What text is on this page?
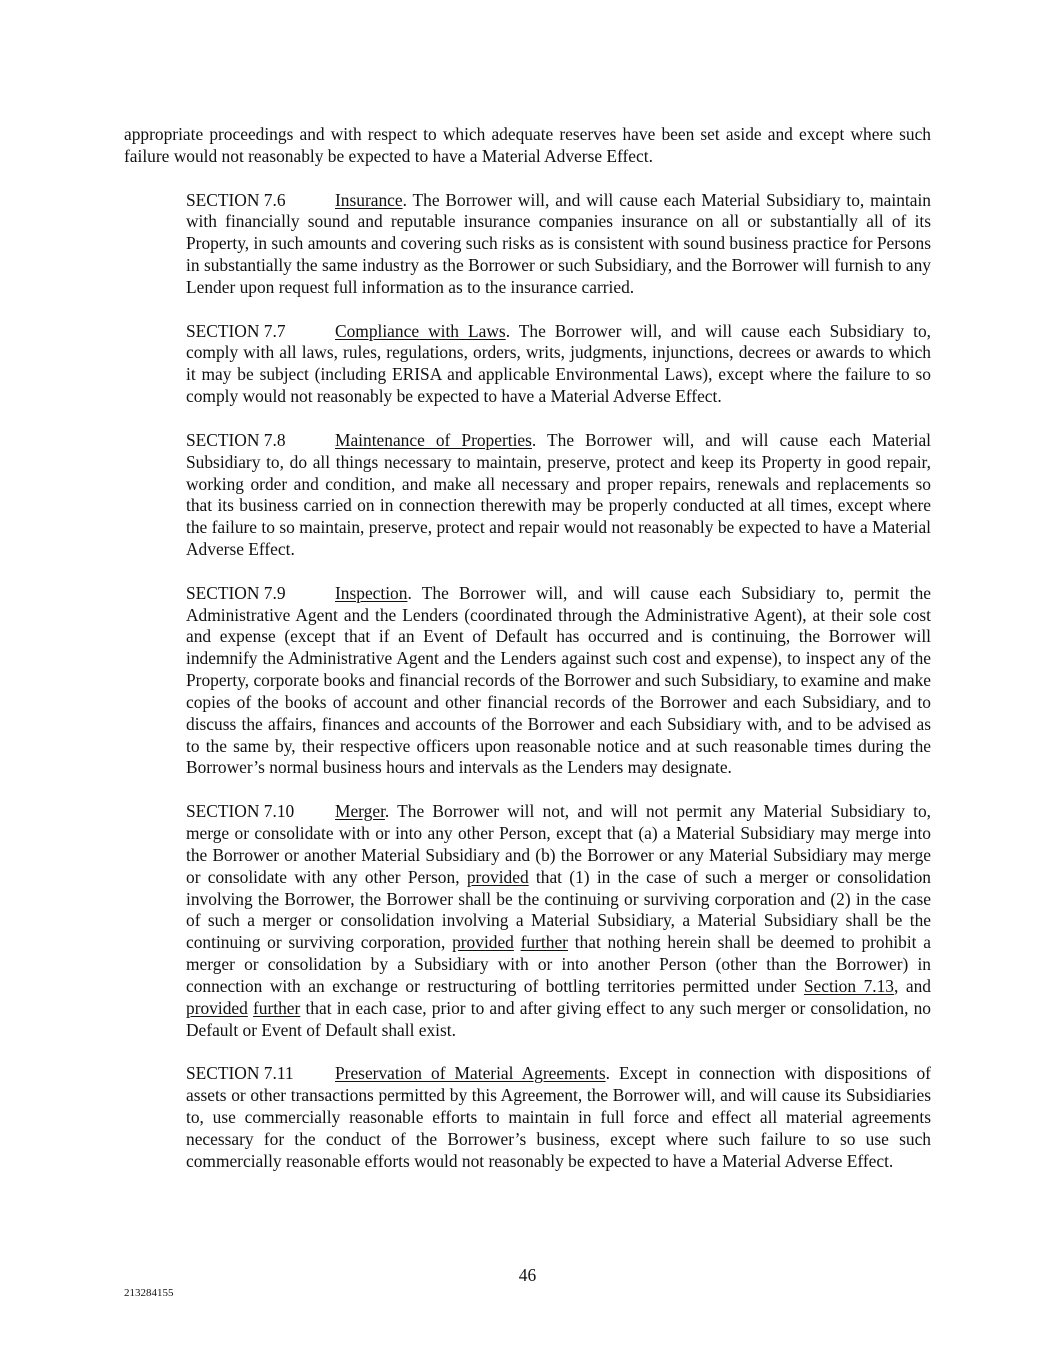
appropriate proceedings and with respect to which adequate reserves have been set aside and except where such failure would not reasonably be expected to have a Material Adverse Effect.

SECTION 7.6	Insurance. The Borrower will, and will cause each Material Subsidiary to, maintain with financially sound and reputable insurance companies insurance on all or substantially all of its Property, in such amounts and covering such risks as is consistent with sound business practice for Persons in substantially the same industry as the Borrower or such Subsidiary, and the Borrower will furnish to any Lender upon request full information as to the insurance carried.

SECTION 7.7	Compliance with Laws. The Borrower will, and will cause each Subsidiary to, comply with all laws, rules, regulations, orders, writs, judgments, injunctions, decrees or awards to which it may be subject (including ERISA and applicable Environmental Laws), except where the failure to so comply would not reasonably be expected to have a Material Adverse Effect.

SECTION 7.8	Maintenance of Properties. The Borrower will, and will cause each Material Subsidiary to, do all things necessary to maintain, preserve, protect and keep its Property in good repair, working order and condition, and make all necessary and proper repairs, renewals and replacements so that its business carried on in connection therewith may be properly conducted at all times, except where the failure to so maintain, preserve, protect and repair would not reasonably be expected to have a Material Adverse Effect.

SECTION 7.9	Inspection. The Borrower will, and will cause each Subsidiary to, permit the Administrative Agent and the Lenders (coordinated through the Administrative Agent), at their sole cost and expense (except that if an Event of Default has occurred and is continuing, the Borrower will indemnify the Administrative Agent and the Lenders against such cost and expense), to inspect any of the Property, corporate books and financial records of the Borrower and such Subsidiary, to examine and make copies of the books of account and other financial records of the Borrower and each Subsidiary, and to discuss the affairs, finances and accounts of the Borrower and each Subsidiary with, and to be advised as to the same by, their respective officers upon reasonable notice and at such reasonable times during the Borrower’s normal business hours and intervals as the Lenders may designate.

SECTION 7.10 Merger. The Borrower will not, and will not permit any Material Subsidiary to, merge or consolidate with or into any other Person, except that (a) a Material Subsidiary may merge into the Borrower or another Material Subsidiary and (b) the Borrower or any Material Subsidiary may merge or consolidate with any other Person, provided that (1) in the case of such a merger or consolidation involving the Borrower, the Borrower shall be the continuing or surviving corporation and (2) in the case of such a merger or consolidation involving a Material Subsidiary, a Material Subsidiary shall be the continuing or surviving corporation, provided further that nothing herein shall be deemed to prohibit a merger or consolidation by a Subsidiary with or into another Person (other than the Borrower) in connection with an exchange or restructuring of bottling territories permitted under Section 7.13, and provided further that in each case, prior to and after giving effect to any such merger or consolidation, no Default or Event of Default shall exist.

SECTION 7.11 Preservation of Material Agreements. Except in connection with dispositions of assets or other transactions permitted by this Agreement, the Borrower will, and will cause its Subsidiaries to, use commercially reasonable efforts to maintain in full force and effect all material agreements necessary for the conduct of the Borrower’s business, except where such failure to so use such commercially reasonable efforts would not reasonably be expected to have a Material Adverse Effect.

46
213284155
